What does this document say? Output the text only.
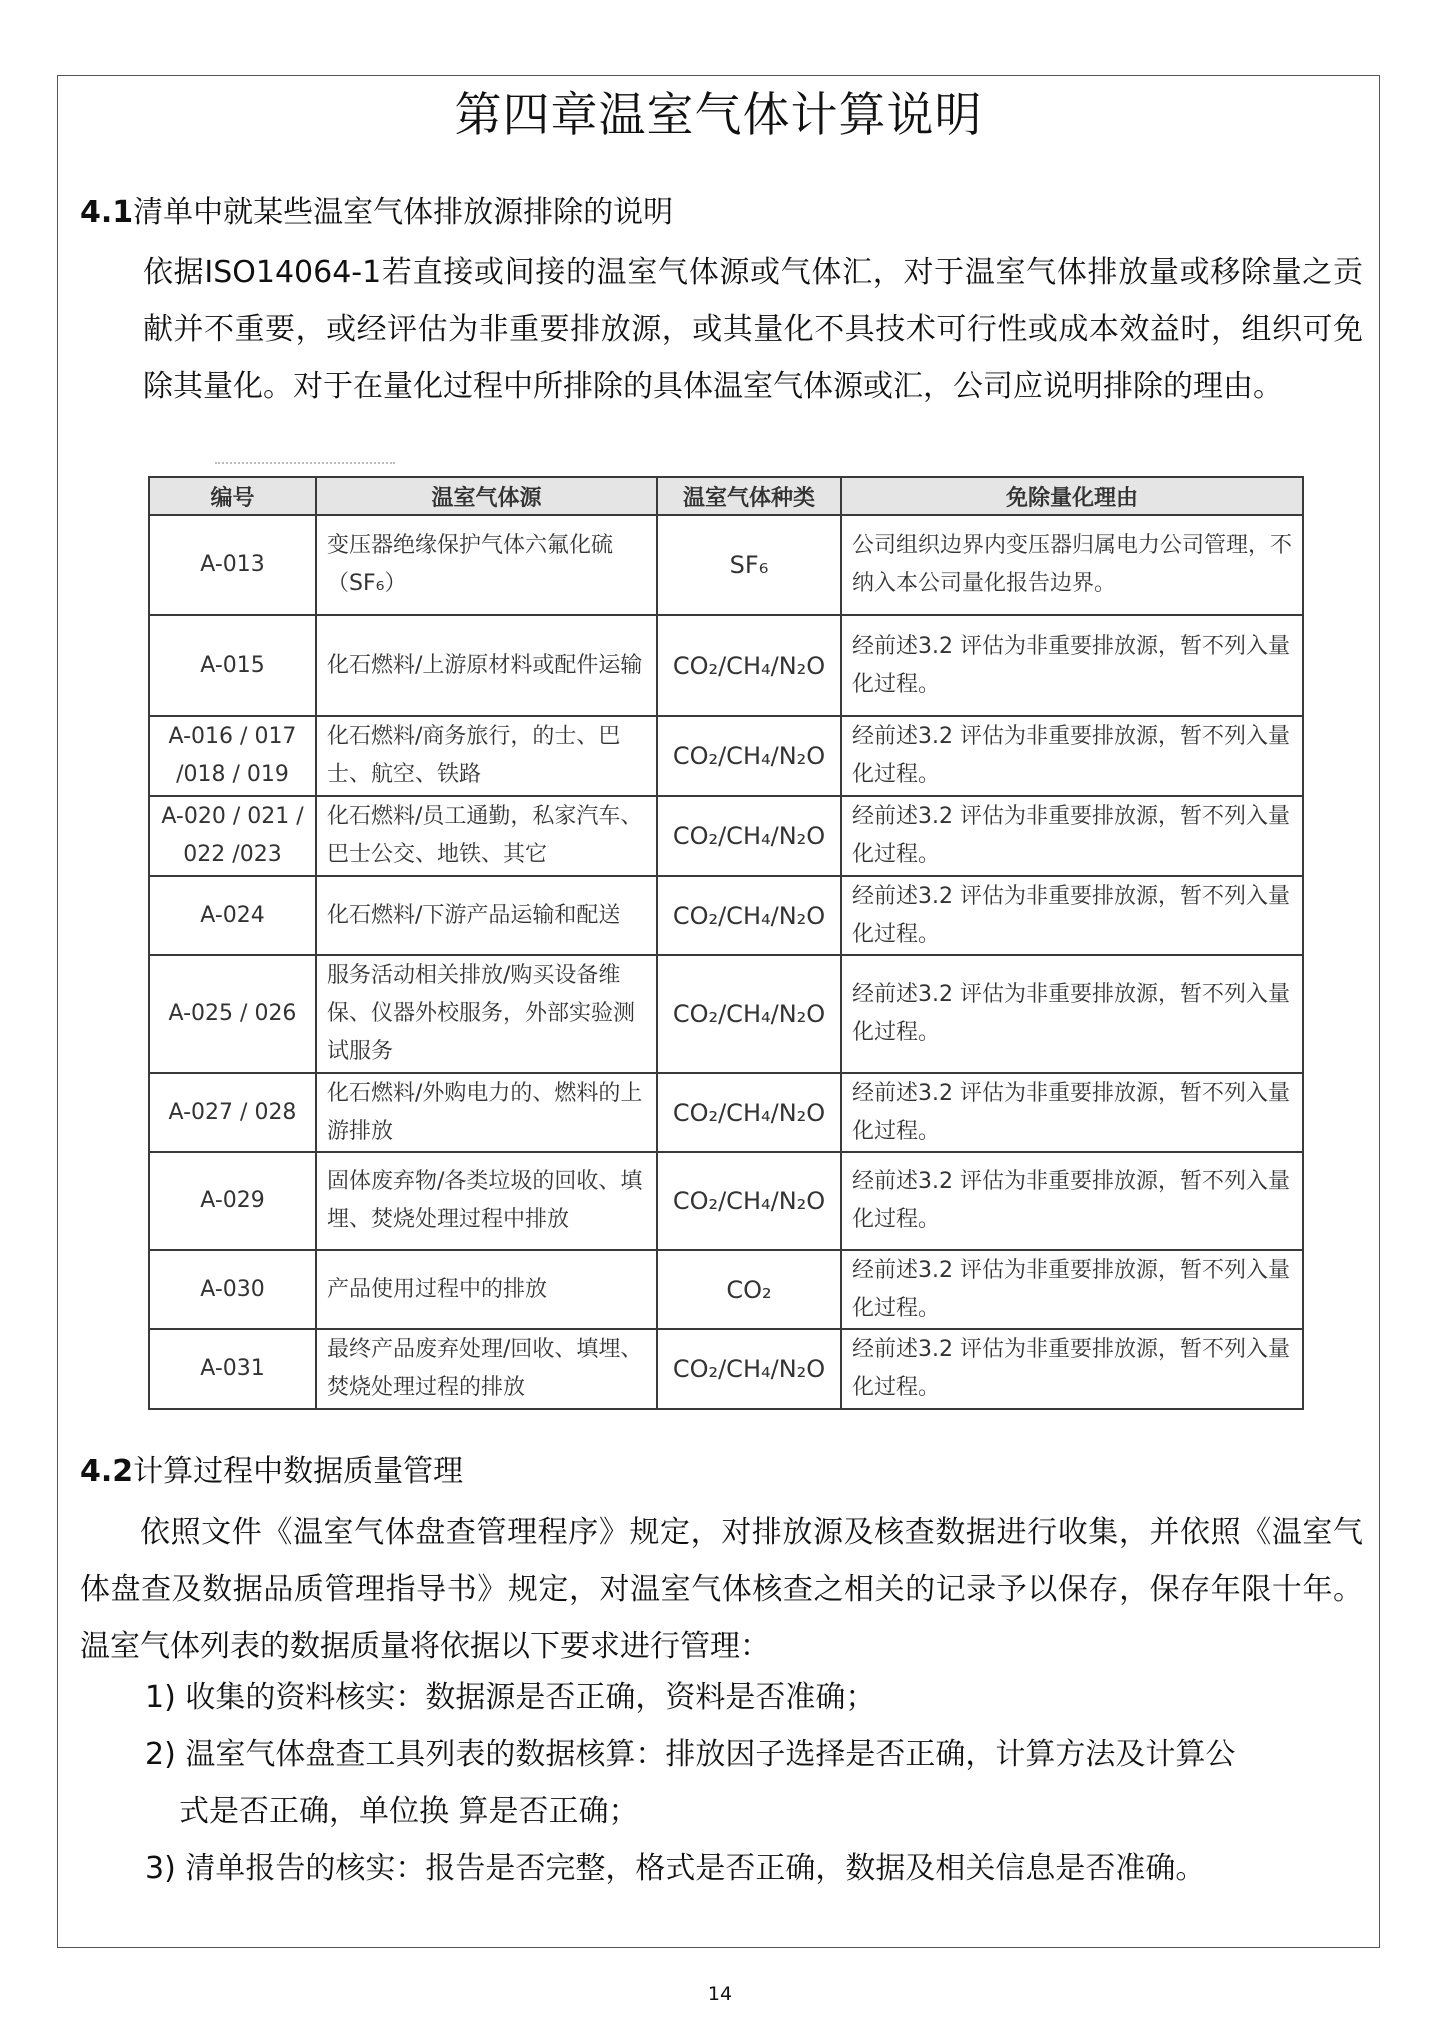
第四章温室气体计算说明
4.1清单中就某些温室气体排放源排除的说明
依据ISO14064-1若直接或间接的温室气体源或气体汇，对于温室气体排放量或移除量之贡献并不重要，或经评估为非重要排放源，或其量化不具技术可行性或成本效益时，组织可免除其量化。对于在量化过程中所排除的具体温室气体源或汇，公司应说明排除的理由。
编号	温室气体源	温室气体种类	免除量化理由
A-013	变压器绝缘保护气体六氟化硫（SF₆）	SF₆	公司组织边界内变压器归属电力公司管理，不纳入本公司量化报告边界。
A-015	化石燃料/上游原材料或配件运输	CO₂/CH₄/N₂O	经前述3.2 评估为非重要排放源，暂不列入量化过程。
A-016 / 017 /018 / 019	化石燃料/商务旅行，的士、巴士、航空、铁路	CO₂/CH₄/N₂O	经前述3.2 评估为非重要排放源，暂不列入量化过程。
A-020 / 021 / 022 /023	化石燃料/员工通勤，私家汽车、巴士公交、地铁、其它	CO₂/CH₄/N₂O	经前述3.2 评估为非重要排放源，暂不列入量化过程。
A-024	化石燃料/下游产品运输和配送	CO₂/CH₄/N₂O	经前述3.2 评估为非重要排放源，暂不列入量化过程。
A-025 / 026	服务活动相关排放/购买设备维保、仪器外校服务，外部实验测试服务	CO₂/CH₄/N₂O	经前述3.2 评估为非重要排放源，暂不列入量化过程。
A-027 / 028	化石燃料/外购电力的、燃料的上游排放	CO₂/CH₄/N₂O	经前述3.2 评估为非重要排放源，暂不列入量化过程。
A-029	固体废弃物/各类垃圾的回收、填埋、焚烧处理过程中排放	CO₂/CH₄/N₂O	经前述3.2 评估为非重要排放源，暂不列入量化过程。
A-030	产品使用过程中的排放	CO₂	经前述3.2 评估为非重要排放源，暂不列入量化过程。
A-031	最终产品废弃处理/回收、填埋、焚烧处理过程的排放	CO₂/CH₄/N₂O	经前述3.2 评估为非重要排放源，暂不列入量化过程。
4.2计算过程中数据质量管理
依照文件《温室气体盘查管理程序》规定，对排放源及核查数据进行收集，并依照《温室气体盘查及数据品质管理指导书》规定，对温室气体核查之相关的记录予以保存，保存年限十年。温室气体列表的数据质量将依据以下要求进行管理：
1) 收集的资料核实：数据源是否正确，资料是否准确；
2) 温室气体盘查工具列表的数据核算：排放因子选择是否正确，计算方法及计算公
式是否正确，单位换 算是否正确；
3) 清单报告的核实：报告是否完整，格式是否正确，数据及相关信息是否准确。
14
